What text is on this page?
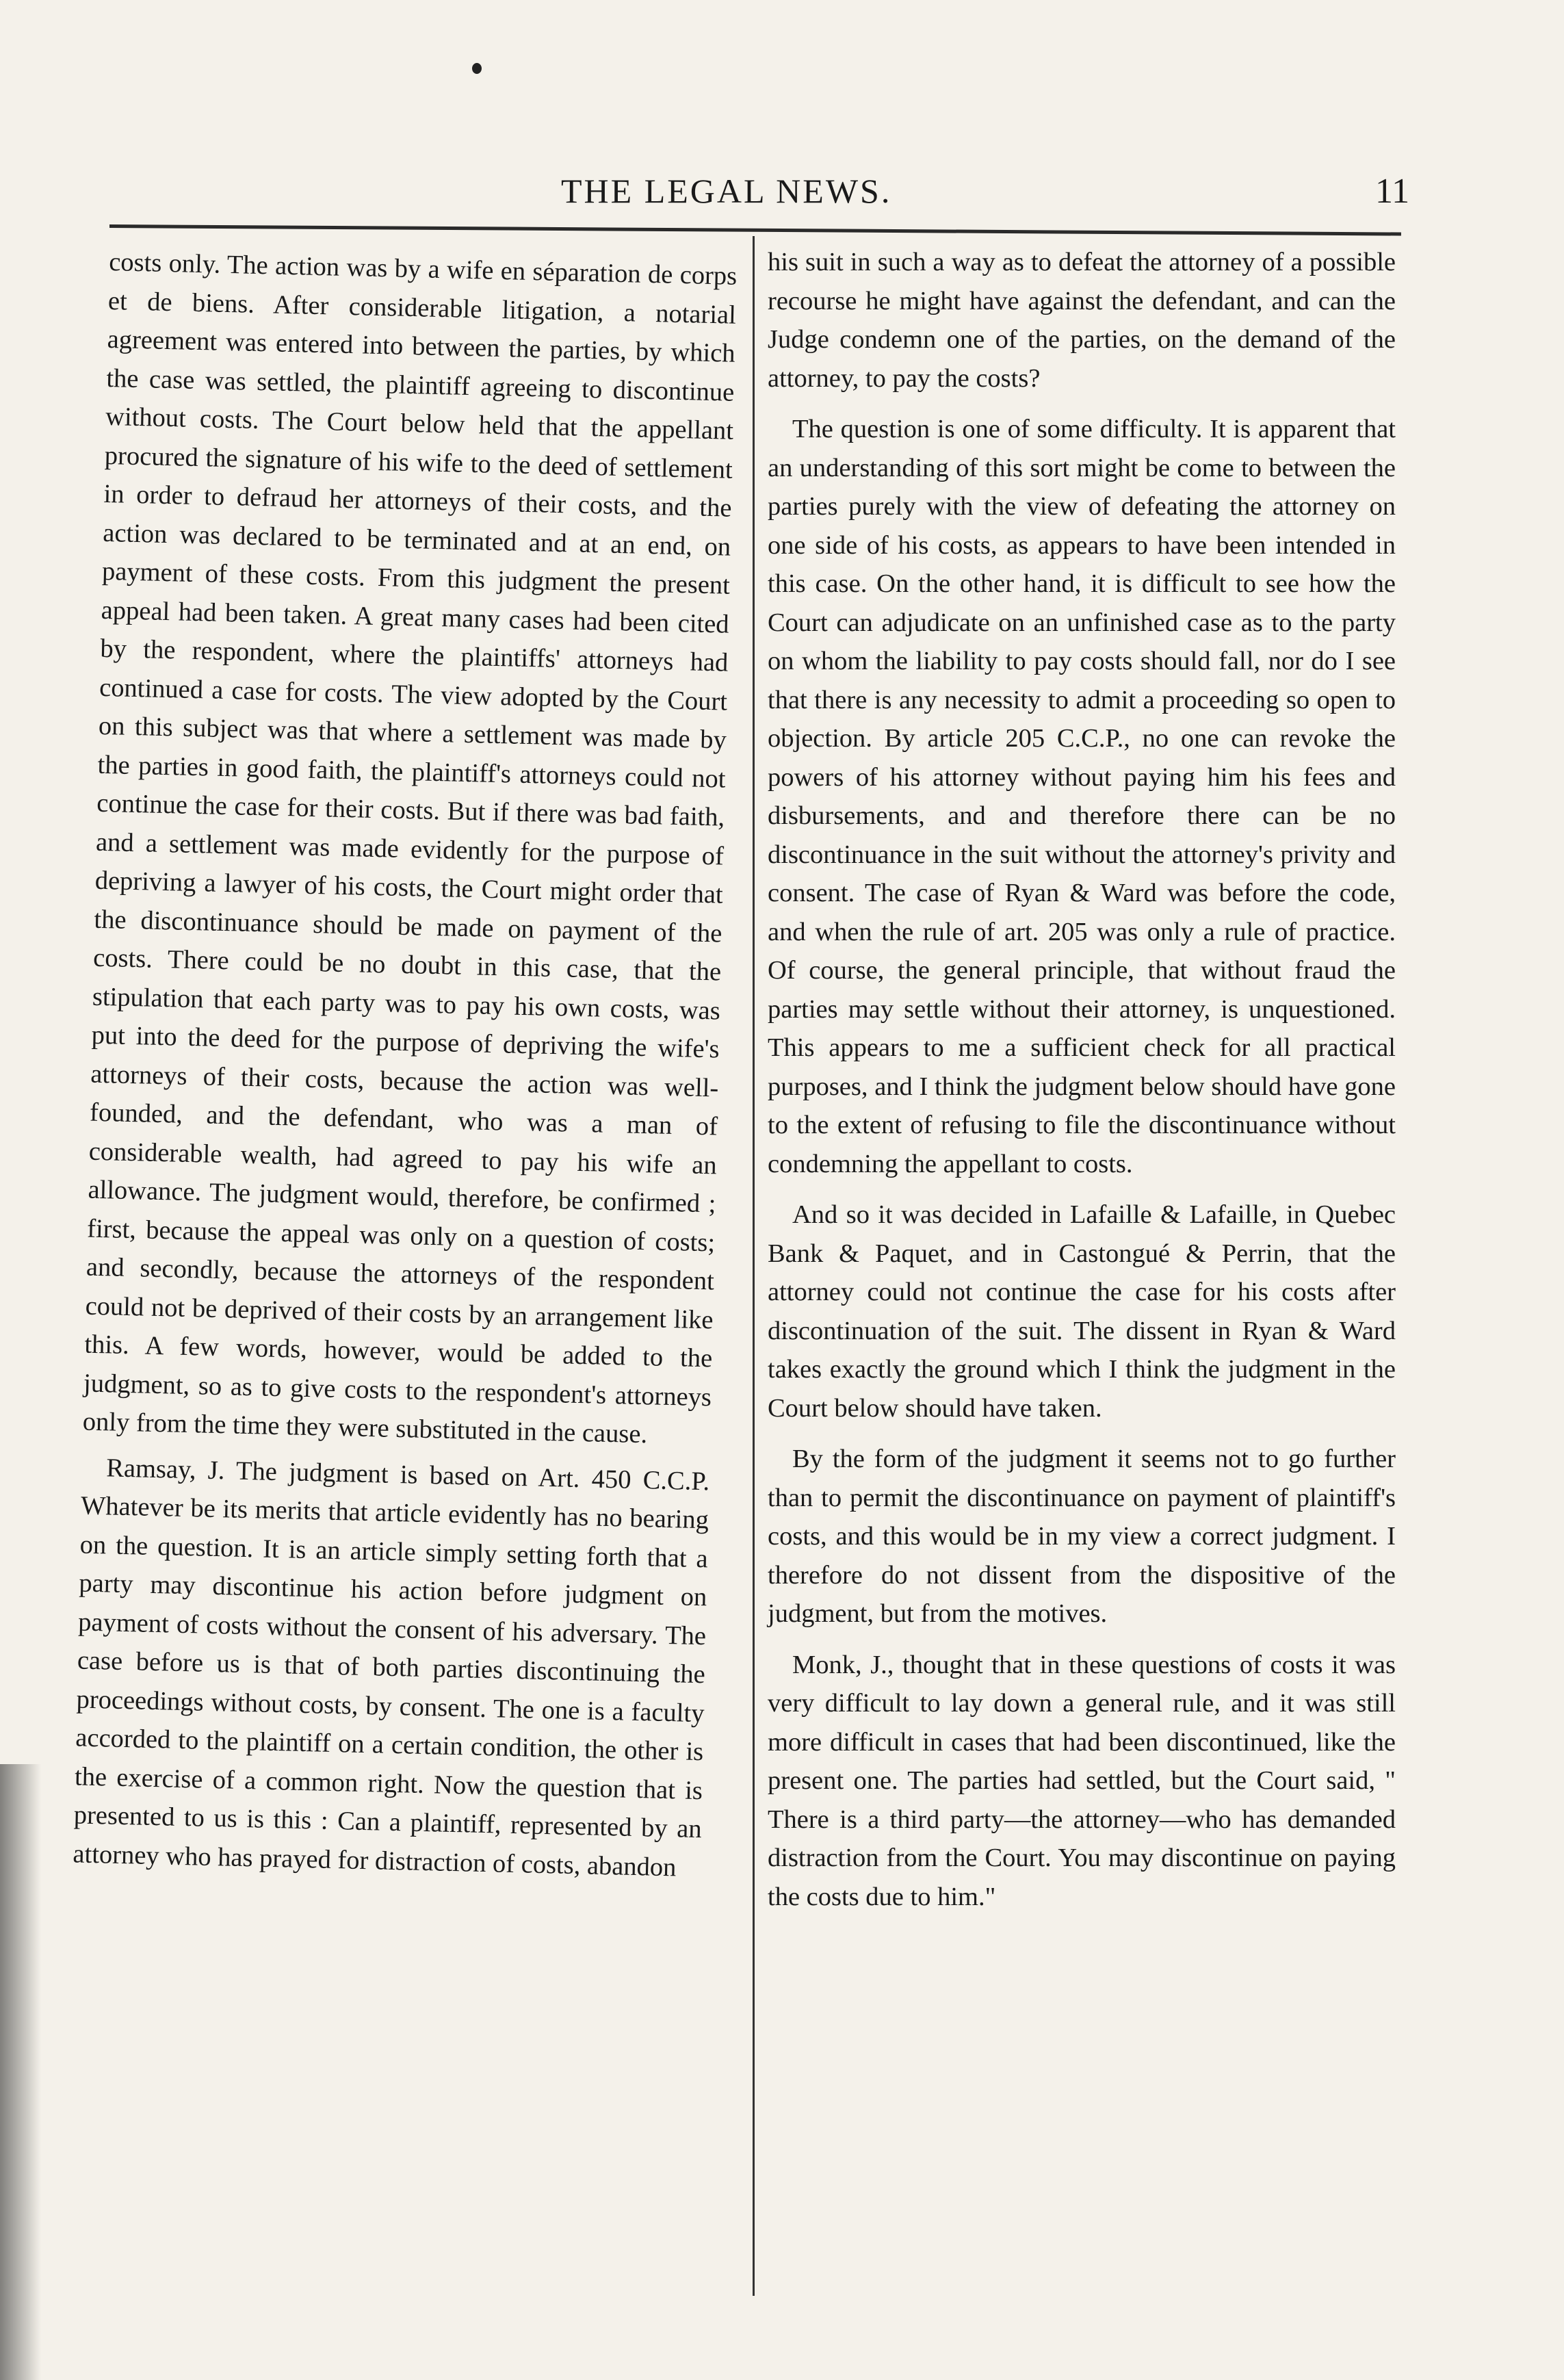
THE LEGAL NEWS.	11

costs only. The action was by a wife en séparation de corps et de biens. After considerable litigation, a notarial agreement was entered into between the parties, by which the case was settled, the plaintiff agreeing to discontinue without costs. The Court below held that the appellant procured the signature of his wife to the deed of settlement in order to defraud her attorneys of their costs, and the action was declared to be terminated and at an end, on payment of these costs. From this judgment the present appeal had been taken. A great many cases had been cited by the respondent, where the plaintiffs' attorneys had continued a case for costs. The view adopted by the Court on this subject was that where a settlement was made by the parties in good faith, the plaintiff's attorneys could not continue the case for their costs. But if there was bad faith, and a settlement was made evidently for the purpose of depriving a lawyer of his costs, the Court might order that the discontinuance should be made on payment of the costs. There could be no doubt in this case, that the stipulation that each party was to pay his own costs, was put into the deed for the purpose of depriving the wife's attorneys of their costs, because the action was well-founded, and the defendant, who was a man of considerable wealth, had agreed to pay his wife an allowance. The judgment would, therefore, be confirmed ; first, because the appeal was only on a question of costs; and secondly, because the attorneys of the respondent could not be deprived of their costs by an arrangement like this. A few words, however, would be added to the judgment, so as to give costs to the respondent's attorneys only from the time they were substituted in the cause.

Ramsay, J. The judgment is based on Art. 450 C.C.P. Whatever be its merits that article evidently has no bearing on the question. It is an article simply setting forth that a party may discontinue his action before judgment on payment of costs without the consent of his adversary. The case before us is that of both parties discontinuing the proceedings without costs, by consent. The one is a faculty accorded to the plaintiff on a certain condition, the other is the exercise of a common right. Now the question that is presented to us is this : Can a plaintiff, represented by an attorney who has prayed for distraction of costs, abandon

his suit in such a way as to defeat the attorney of a possible recourse he might have against the defendant, and can the Judge condemn one of the parties, on the demand of the attorney, to pay the costs?

The question is one of some difficulty. It is apparent that an understanding of this sort might be come to between the parties purely with the view of defeating the attorney on one side of his costs, as appears to have been intended in this case. On the other hand, it is difficult to see how the Court can adjudicate on an unfinished case as to the party on whom the liability to pay costs should fall, nor do I see that there is any necessity to admit a proceeding so open to objection. By article 205 C.C.P., no one can revoke the powers of his attorney without paying him his fees and disbursements, and and therefore there can be no discontinuance in the suit without the attorney's privity and consent. The case of Ryan & Ward was before the code, and when the rule of art. 205 was only a rule of practice. Of course, the general principle, that without fraud the parties may settle without their attorney, is unquestioned. This appears to me a sufficient check for all practical purposes, and I think the judgment below should have gone to the extent of refusing to file the discontinuance without condemning the appellant to costs.

And so it was decided in Lafaille & Lafaille, in Quebec Bank & Paquet, and in Castongué & Perrin, that the attorney could not continue the case for his costs after discontinuation of the suit. The dissent in Ryan & Ward takes exactly the ground which I think the judgment in the Court below should have taken.

By the form of the judgment it seems not to go further than to permit the discontinuance on payment of plaintiff's costs, and this would be in my view a correct judgment. I therefore do not dissent from the dispositive of the judgment, but from the motives.

Monk, J., thought that in these questions of costs it was very difficult to lay down a general rule, and it was still more difficult in cases that had been discontinued, like the present one. The parties had settled, but the Court said, " There is a third party—the attorney—who has demanded distraction from the Court. You may discontinue on paying the costs due to him."
